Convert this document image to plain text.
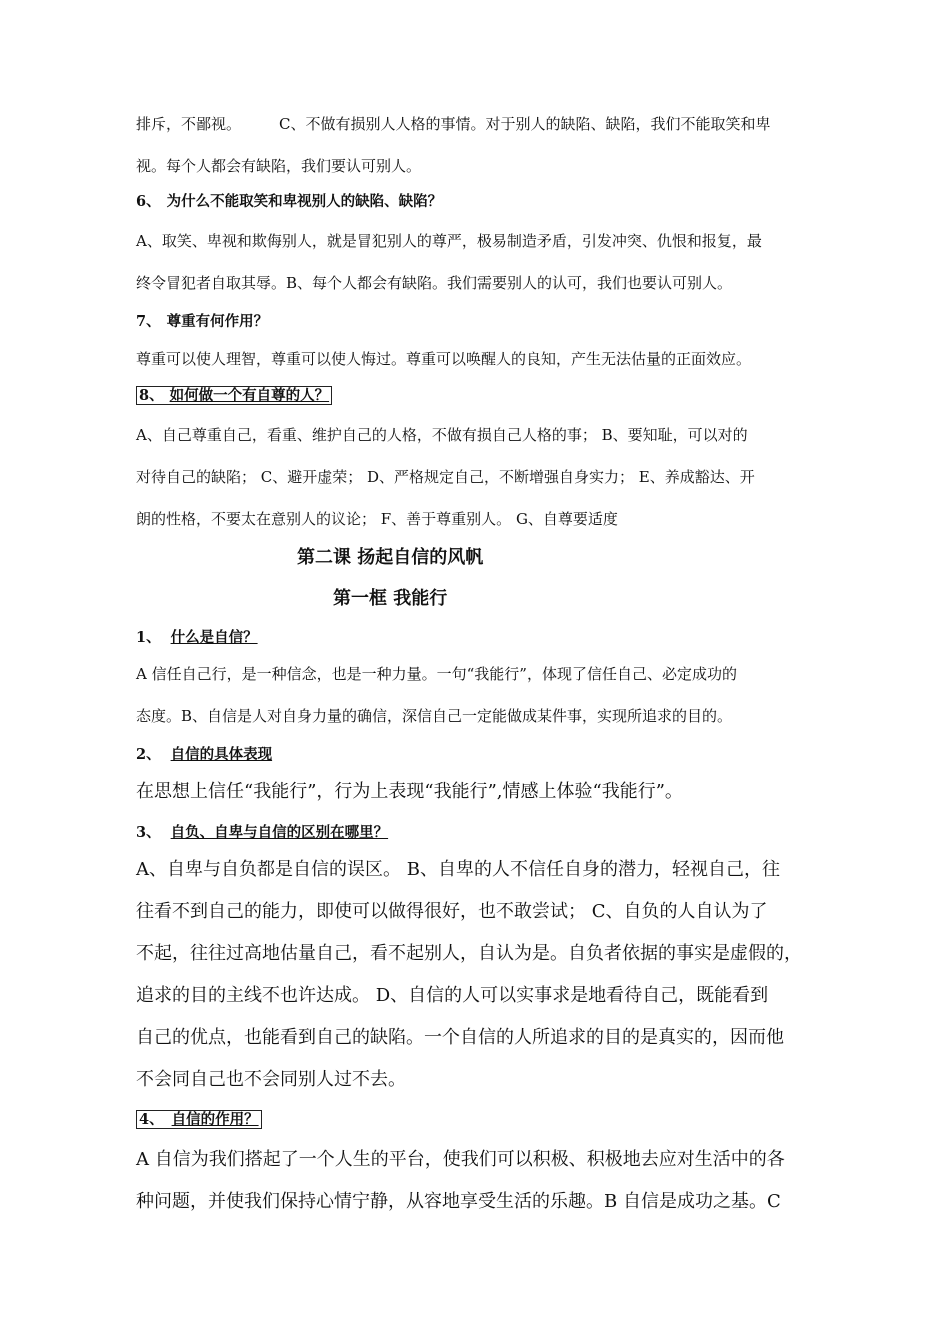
排斥，不鄙视。	C、不做有损别人人格的事情。对于别人的缺陷、缺陷，我们不能取笑和卑
视。每个人都会有缺陷，我们要认可别人。
6、 为什么不能取笑和卑视别人的缺陷、缺陷？
A、取笑、卑视和欺侮别人，就是冒犯别人的尊严，极易制造矛盾，引发冲突、仇恨和报复，最
终令冒犯者自取其辱。B、每个人都会有缺陷。我们需要别人的认可，我们也要认可别人。
7、 尊重有何作用？
尊重可以使人理智，尊重可以使人悔过。尊重可以唤醒人的良知，产生无法估量的正面效应。
8、 如何做一个有自尊的人？
A、自己尊重自己，看重、维护自己的人格，不做有损自己人格的事； B、要知耻，可以对的
对待自己的缺陷； C、避开虚荣； D、严格规定自己，不断增强自身实力； E、养成豁达、开
朗的性格，不要太在意别人的议论； F、善于尊重别人。 G、自尊要适度
第二课 扬起自信的风帆
第一框 我能行
1、 什么是自信？
A 信任自己行，是一种信念，也是一种力量。一句“我能行”，体现了信任自己、必定成功的
态度。B、自信是人对自身力量的确信，深信自己一定能做成某件事，实现所追求的目的。
2、 自信的具体表现
在思想上信任“我能行”，行为上表现“我能行”,情感上体验“我能行”。
3、 自负、自卑与自信的区别在哪里？
A、自卑与自负都是自信的误区。 B、自卑的人不信任自身的潜力，轻视自己，往
往看不到自己的能力，即使可以做得很好，也不敢尝试； C、自负的人自认为了
不起，往往过高地估量自己，看不起别人，自认为是。自负者依据的事实是虚假的，
追求的目的主线不也许达成。 D、自信的人可以实事求是地看待自己，既能看到
自己的优点，也能看到自己的缺陷。一个自信的人所追求的目的是真实的，因而他
不会同自己也不会同别人过不去。
4、 自信的作用？
A 自信为我们搭起了一个人生的平台，使我们可以积极、积极地去应对生活中的各
种问题，并使我们保持心情宁静，从容地享受生活的乐趣。B 自信是成功之基。C
